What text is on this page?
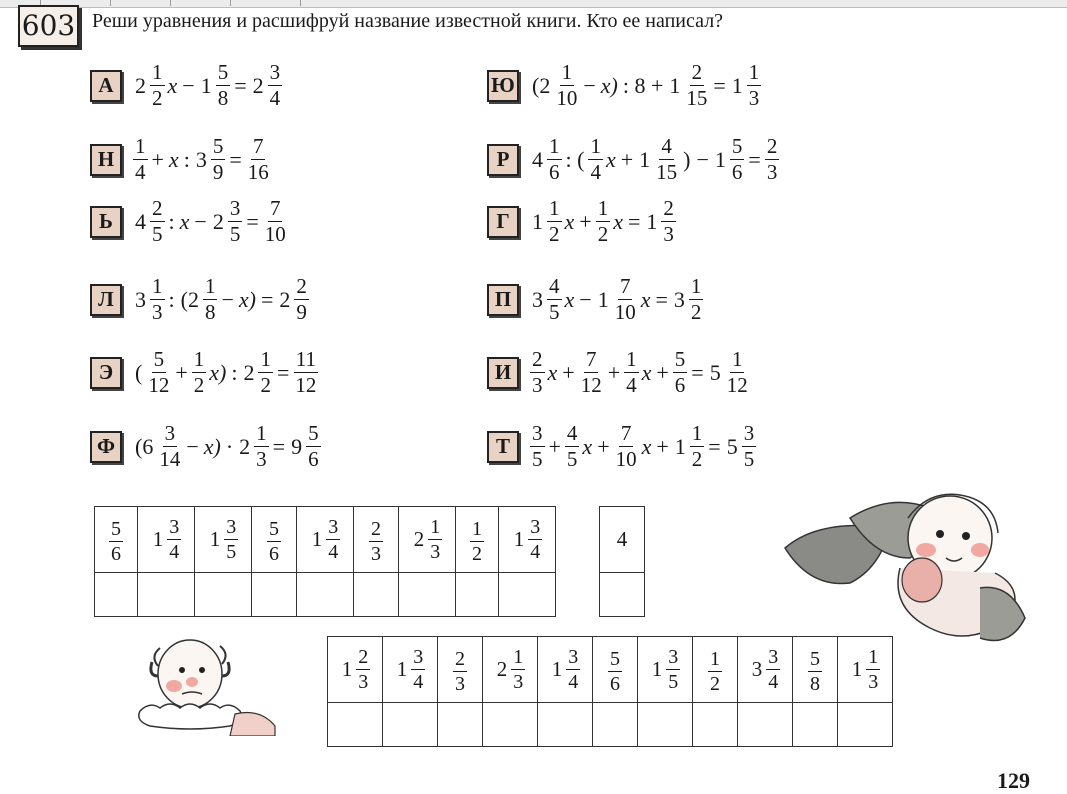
603 Реши уравнения и расшифруй название известной книги. Кто ее написал?
А $2 \frac{1}{2}$ $x - 1 \frac{5}{8} = 2 \frac{3}{4}$
Н $\frac{1}{4} + x$ : $3 \frac{5}{9} = \frac{7}{16}$
Ь	$4 \frac{2}{5}$ : $x - 2 \frac{3}{5} = \frac{7}{10}$
Л $3 \frac{1}{3}$ : $(2 \frac{1}{8} - x) = 2 \frac{2}{9}$
Э ( $\frac{5}{12} + \frac{1}{2} x$) : $2 \frac{1}{2} = \frac{11}{12}$
Ф $(6 \frac{3}{14} - x) \cdot 2 \frac{1}{3} = 9 \frac{5}{6}$
Ю $(2 \frac{1}{10} - x)$ : $8 + 1 \frac{2}{15} = 1 \frac{1}{3}$
Р	$4 \frac{1}{6}$ : ( $\frac{1}{4}$ $x + 1 \frac{4}{15}$ ) − $1 \frac{5}{6} = \frac{2}{3}$
Г	$1 \frac{1}{2}$ $x + \frac{1}{2}$ $x = 1 \frac{2}{3}$
П $3 \frac{4}{5}$ $x - 1 \frac{7}{10}$ $x = 3 \frac{1}{2}$
И $\frac{2}{3}$ $x + \frac{7}{12} + \frac{1}{4}$ $x + \frac{5}{6} = 5 \frac{1}{12}$
Т $\frac{3}{5} + \frac{4}{5}$ $x + \frac{7}{10}$ $x + 1 \frac{1}{2} = 5 \frac{3}{5}$
$\frac{5}{6}$	$1 \frac{3}{4}$	$1 \frac{3}{5}$	$\frac{5}{6}$	$1 \frac{3}{4}$	$\frac{2}{3}$	$2 \frac{1}{3}$	$\frac{1}{2}$	$1 \frac{3}{4}$

									4

$1 \frac{2}{3}$	$1 \frac{3}{4}$	$\frac{2}{3}$	$2 \frac{1}{3}$	$1 \frac{3}{4}$	$\frac{5}{6}$	$1 \frac{3}{5}$	$\frac{1}{2}$	$3 \frac{3}{4}$	$\frac{5}{8}$	$1 \frac{1}{3}$

129
